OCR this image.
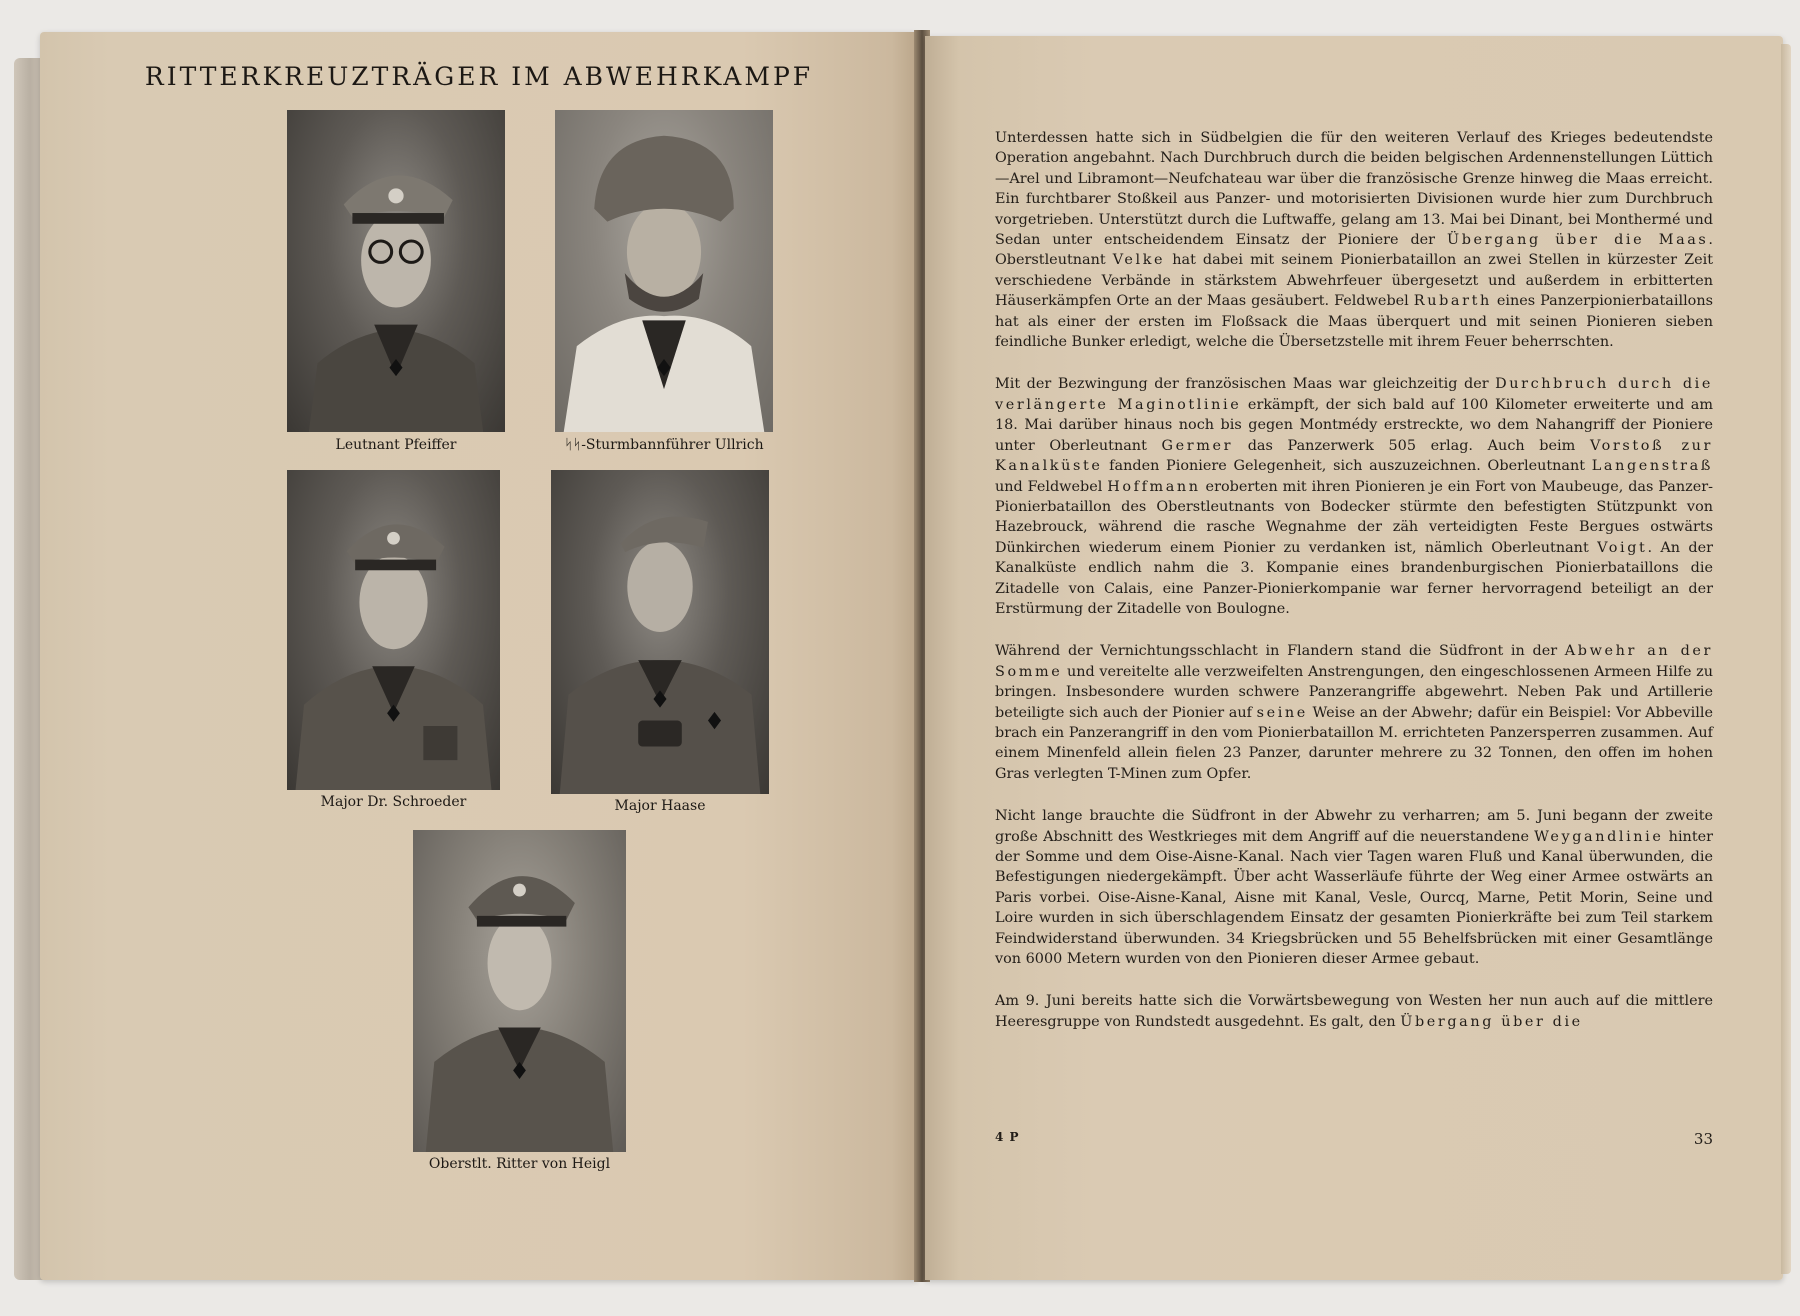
RITTERKREUZTRÄGER IM ABWEHRKAMPF
Leutnant Pfeiffer	ᛋᛋ-Sturmbannführer Ullrich
Major Dr. Schroeder	Major Haase
Oberstlt. Ritter von Heigl

Unterdessen hatte sich in Südbelgien die für den weiteren Verlauf des Krieges bedeutendste Operation angebahnt. Nach Durchbruch durch die beiden belgischen Ardennenstellungen Lüttich—Arel und Libramont—Neufchateau war über die französische Grenze hinweg die Maas erreicht. Ein furchtbarer Stoßkeil aus Panzer- und motorisierten Divisionen wurde hier zum Durchbruch vorgetrieben. Unterstützt durch die Luftwaffe, gelang am 13. Mai bei Dinant, bei Monthermé und Sedan unter entscheidendem Einsatz der Pioniere der Übergang über die Maas. Oberstleutnant Velke hat dabei mit seinem Pionierbataillon an zwei Stellen in kürzester Zeit verschiedene Verbände in stärkstem Abwehrfeuer übergesetzt und außerdem in erbitterten Häuserkämpfen Orte an der Maas gesäubert. Feldwebel Rubarth eines Panzerpionierbataillons hat als einer der ersten im Floßsack die Maas überquert und mit seinen Pionieren sieben feindliche Bunker erledigt, welche die Übersetzstelle mit ihrem Feuer beherrschten.

Mit der Bezwingung der französischen Maas war gleichzeitig der Durchbruch durch die verlängerte Maginotlinie erkämpft, der sich bald auf 100 Kilometer erweiterte und am 18. Mai darüber hinaus noch bis gegen Montmédy erstreckte, wo dem Nahangriff der Pioniere unter Oberleutnant Germer das Panzerwerk 505 erlag. Auch beim Vorstoß zur Kanalküste fanden Pioniere Gelegenheit, sich auszuzeichnen. Oberleutnant Langenstraß und Feldwebel Hoffmann eroberten mit ihren Pionieren je ein Fort von Maubeuge, das Panzer-Pionierbataillon des Oberstleutnants von Bodecker stürmte den befestigten Stützpunkt von Hazebrouck, während die rasche Wegnahme der zäh verteidigten Feste Bergues ostwärts Dünkirchen wiederum einem Pionier zu verdanken ist, nämlich Oberleutnant Voigt. An der Kanalküste endlich nahm die 3. Kompanie eines brandenburgischen Pionierbataillons die Zitadelle von Calais, eine Panzer-Pionierkompanie war ferner hervorragend beteiligt an der Erstürmung der Zitadelle von Boulogne.

Während der Vernichtungsschlacht in Flandern stand die Südfront in der Abwehr an der Somme und vereitelte alle verzweifelten Anstrengungen, den eingeschlossenen Armeen Hilfe zu bringen. Insbesondere wurden schwere Panzerangriffe abgewehrt. Neben Pak und Artillerie beteiligte sich auch der Pionier auf seine Weise an der Abwehr; dafür ein Beispiel: Vor Abbeville brach ein Panzerangriff in den vom Pionierbataillon M. errichteten Panzersperren zusammen. Auf einem Minenfeld allein fielen 23 Panzer, darunter mehrere zu 32 Tonnen, den offen im hohen Gras verlegten T-Minen zum Opfer.

Nicht lange brauchte die Südfront in der Abwehr zu verharren; am 5. Juni begann der zweite große Abschnitt des Westkrieges mit dem Angriff auf die neuerstandene Weygandlinie hinter der Somme und dem Oise-Aisne-Kanal. Nach vier Tagen waren Fluß und Kanal überwunden, die Befestigungen niedergekämpft. Über acht Wasserläufe führte der Weg einer Armee ostwärts an Paris vorbei. Oise-Aisne-Kanal, Aisne mit Kanal, Vesle, Ourcq, Marne, Petit Morin, Seine und Loire wurden in sich überschlagendem Einsatz der gesamten Pionierkräfte bei zum Teil starkem Feindwiderstand überwunden. 34 Kriegsbrücken und 55 Behelfsbrücken mit einer Gesamtlänge von 6000 Metern wurden von den Pionieren dieser Armee gebaut.

Am 9. Juni bereits hatte sich die Vorwärtsbewegung von Westen her nun auch auf die mittlere Heeresgruppe von Rundstedt ausgedehnt. Es galt, den Übergang über die

4 P	33
